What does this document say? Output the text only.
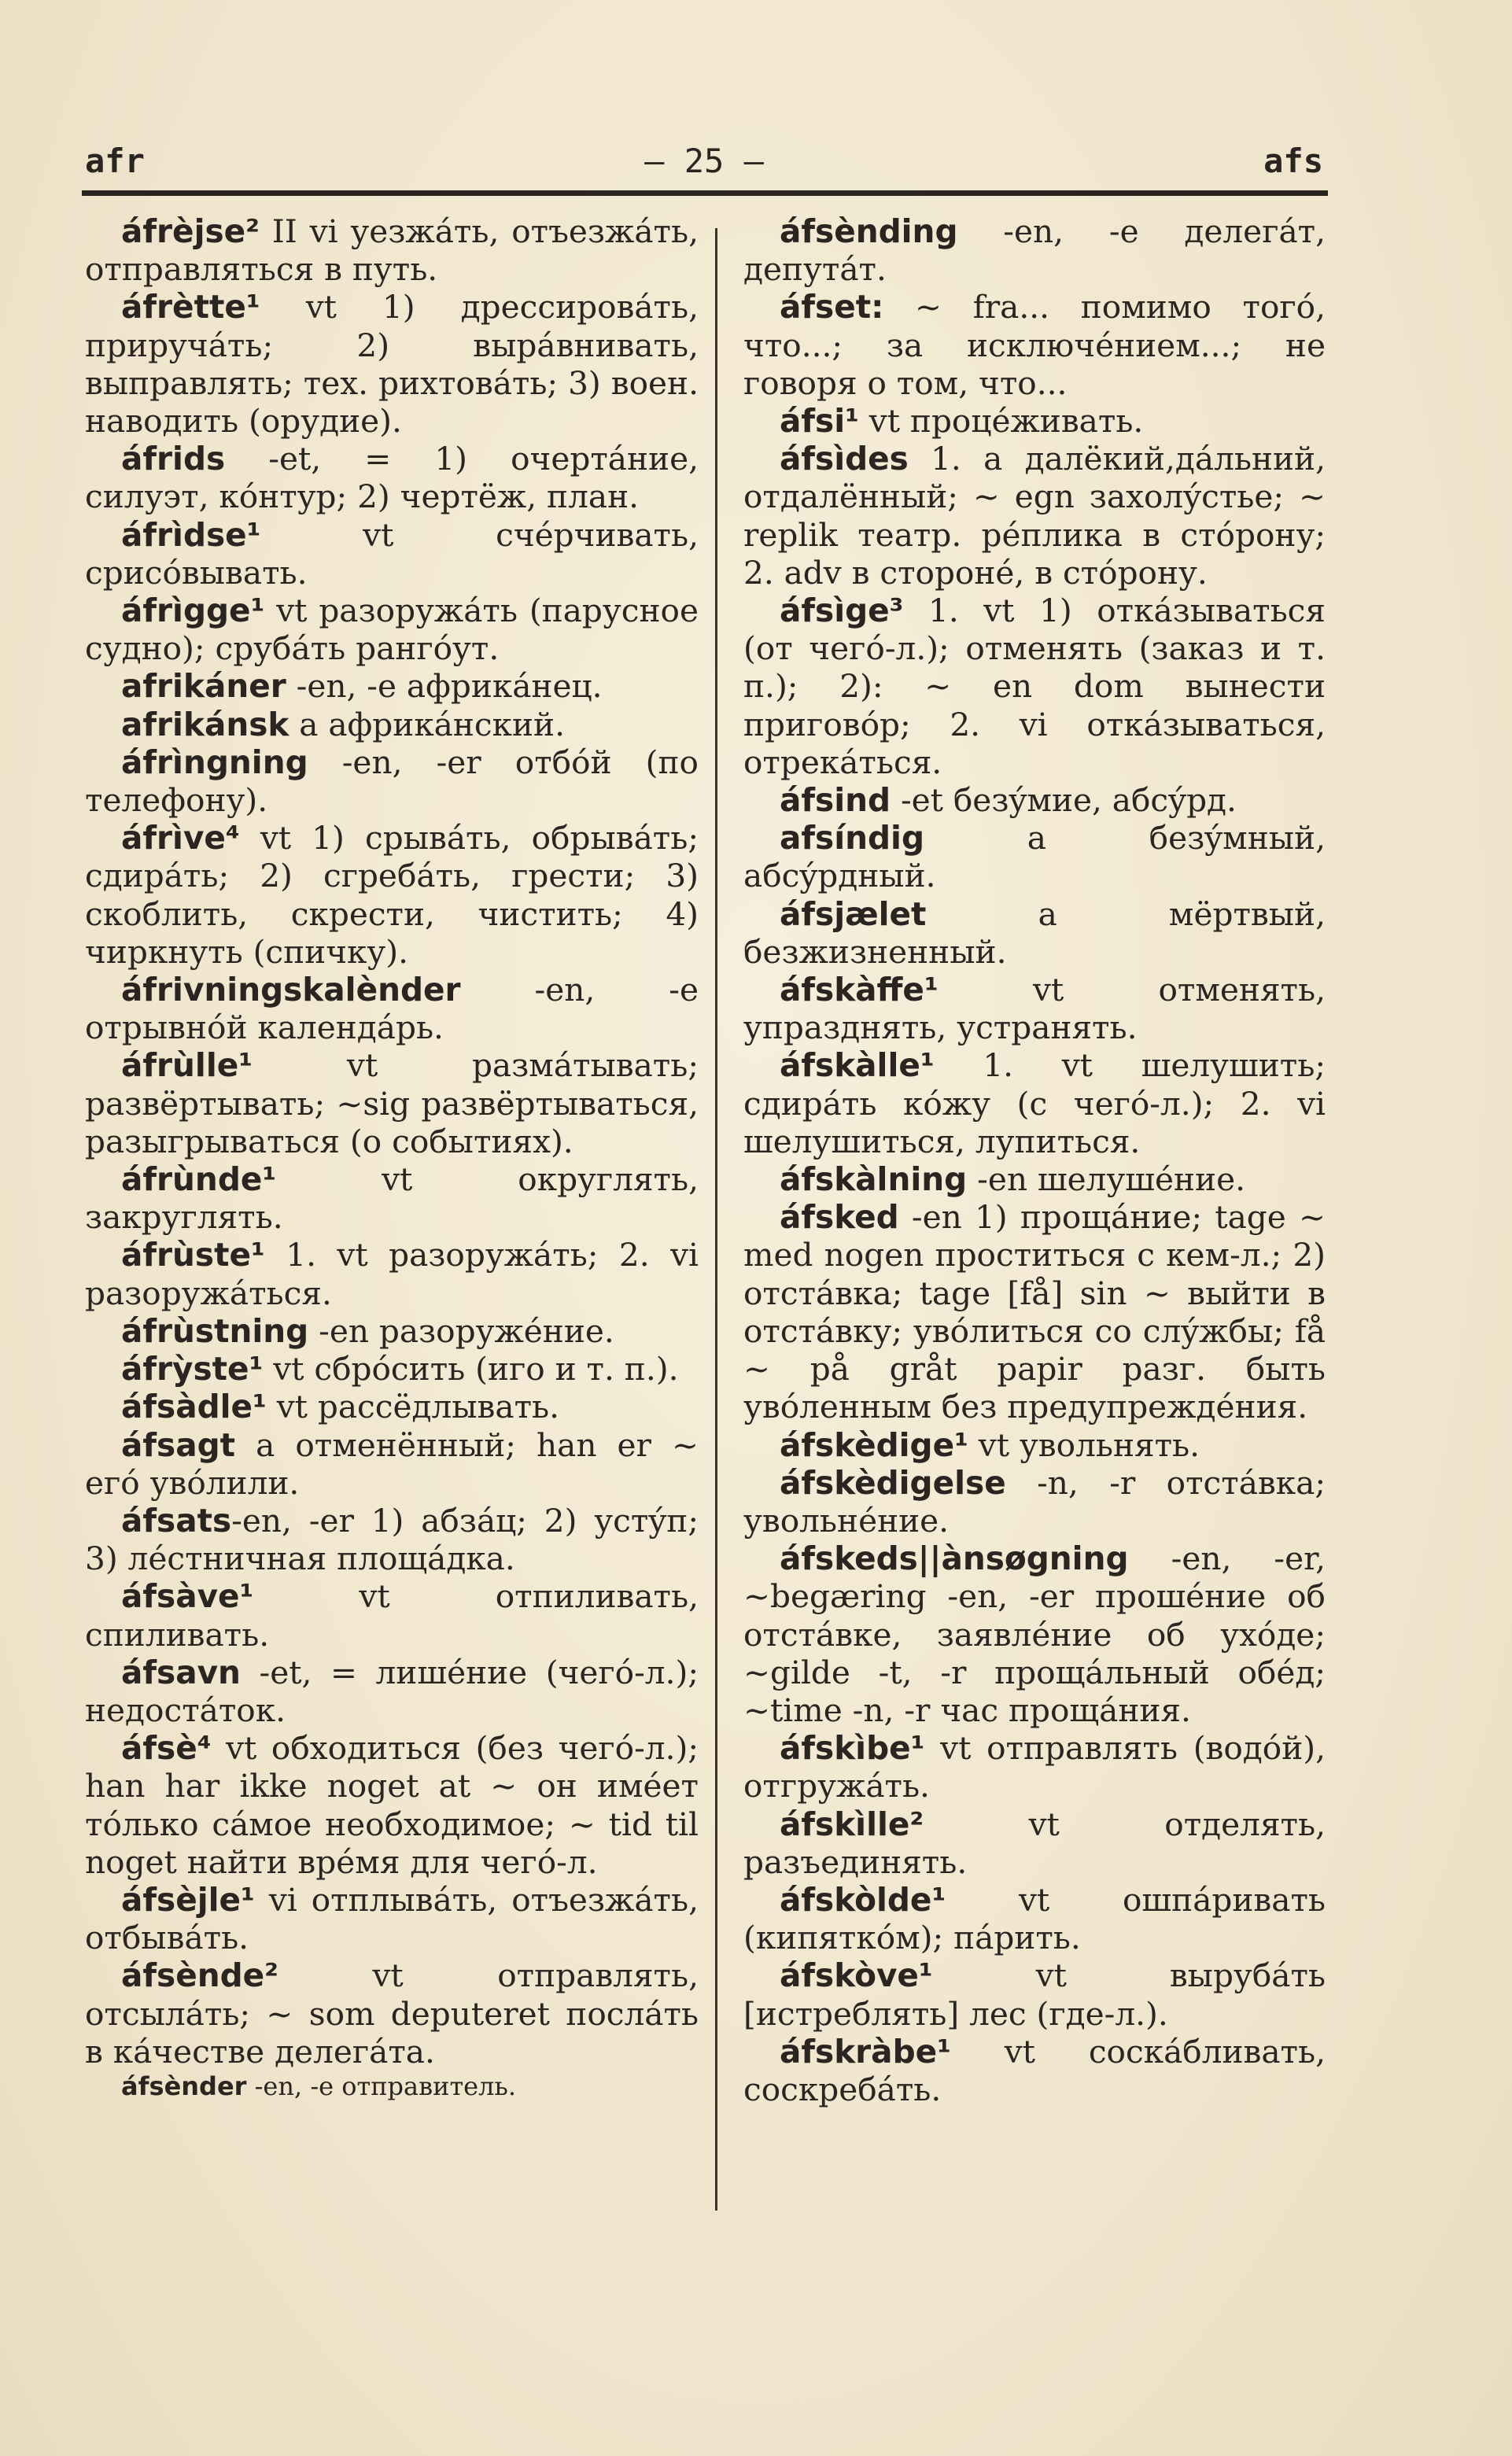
afr	— 25 —	afs

áfrèjse² II vi уезжáть, отъезжáть, отправлятьcя в путь.

áfrètte¹ vt 1) дрессировáть, приручáть; 2) вырáвнивать, выправлять; тех. рихтовáть; 3) воен. наводить (орудие).

áfrids -et, = 1) очертáние, силуэт, кóнтур; 2) чертёж, план.

áfrìdse¹ vt счéрчивать, срисóвывать.

áfrìgge¹ vt разоружáть (парусное судно); срубáть рангóут.

afrikáner -en, -e африкáнец.

afrikánsk a африкáнский.

áfrìngning -en, -er отбóй (по телефону).

áfrìve⁴ vt 1) срывáть, обрывáть; сдирáть; 2) сгребáть, грести; 3) скоблить, скрести, чистить; 4) чиркнуть (спичку).

áfrivningskalènder -en, -e отрывнóй календáрь.

áfrùlle¹ vt размáтывать; развёртывать; ~sig развёртываться, разыгрываться (о событиях).

áfrùnde¹ vt округлять, закруглять.

áfrùste¹ 1. vt разоружáть; 2. vi разоружáться.

áfrùstning -en разоружéние.

áfrỳste¹ vt сбрóсить (иго и т. п.).

áfsàdle¹ vt рассёдлывать.

áfsagt a отменённый; han er ~ егó увóлили.

áfsats-en, -er 1) абзáц; 2) устýп; 3) лéстничная площáдка.

áfsàve¹ vt отпиливать, спиливать.

áfsavn -et, = лишéние (чегó-л.); недостáток.

áfsè⁴ vt обходиться (без чегó-л.); han har ikke noget at ~ он имéет тóлько сáмое необходимое; ~ tid til noget найти врéмя для чегó-л.

áfsèjle¹ vi отплывáть, отъезжáть, отбывáть.

áfsènde² vt отправлять, отсылáть; ~ som deputeret послáть в кáчестве делегáта.

áfsènder -en, -e отправитель.

áfsènding -en, -e делегáт, депутáт.

áfset: ~ fra... помимо тогó, что...; за исключéнием...; не говоря о том, что...

áfsi¹ vt процéживать.

áfsìdes 1. a далёкий,дáльний, отдалённый; ~ egn захолýстье; ~ replik театр. рéплика в стóрону; 2. adv в сторонé, в стóрону.

áfsìge³ 1. vt 1) откáзываться (от чегó-л.); отменять (заказ и т. п.); 2): ~ en dom вынести приговóр; 2. vi откáзываться, отрекáться.

áfsind -et безýмие, абсýрд.

afsíndig a безýмный, абсýрдный.

áfsjælet a мёртвый, безжизненный.

áfskàffe¹ vt отменять, упразднять, устранять.

áfskàlle¹ 1. vt шелушить; сдирáть кóжу (с чегó-л.); 2. vi шелушиться, лупиться.

áfskàlning -en шелушéние.

áfsked -en 1) прощáние; tage ~ med nogen проститься с кем-л.; 2) отстáвка; tage [få] sin ~ выйти в отстáвку; увóлиться со слýжбы; få ~ på gråt papir разг. быть увóленным без предупреждéния.

áfskèdige¹ vt увольнять.

áfskèdigelse -n, -r отстáвка; увольнéние.

áfskeds||ànsøgning -en, -er, ~begæring -en, -er прошéние об отстáвке, заявлéние об ухóде; ~gilde -t, -r прощáльный обéд; ~time -n, -r час прощáния.

áfskìbe¹ vt отправлять (водóй), отгружáть.

áfskìlle² vt отделять, разъединять.

áfskòlde¹ vt ошпáривать (кипяткóм); пáрить.

áfskòve¹ vt вырубáть [истреблять] лес (где-л.).

áfskràbe¹ vt соскáбливать, соскребáть.
